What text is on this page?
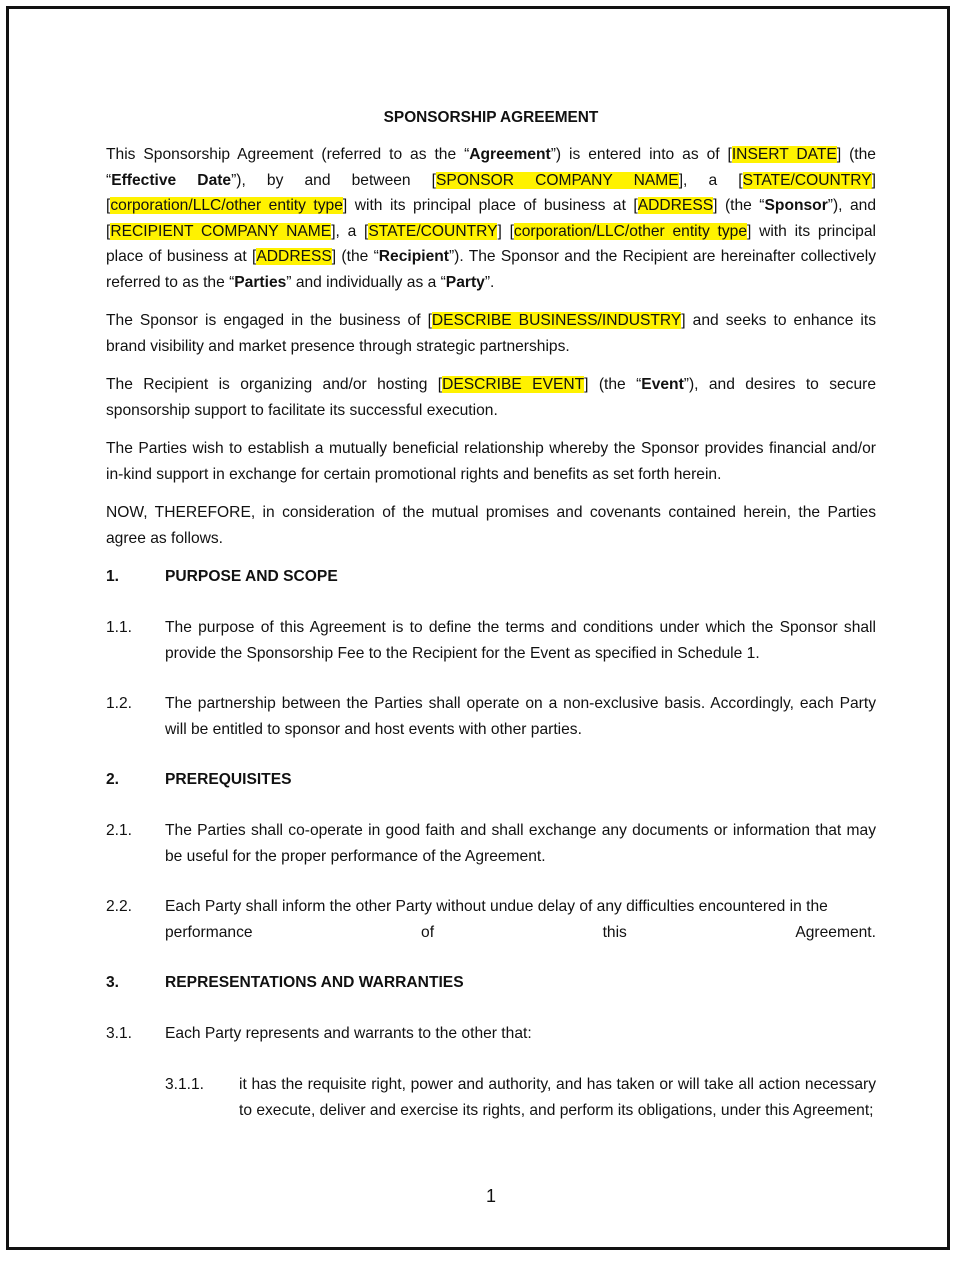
SPONSORSHIP AGREEMENT

This Sponsorship Agreement (referred to as the “Agreement”) is entered into as of [INSERT DATE] (the “Effective Date”), by and between [SPONSOR COMPANY NAME], a [STATE/COUNTRY] [corporation/LLC/other entity type] with its principal place of business at [ADDRESS] (the “Sponsor”), and [RECIPIENT COMPANY NAME], a [STATE/COUNTRY] [corporation/LLC/other entity type] with its principal place of business at [ADDRESS] (the “Recipient”). The Sponsor and the Recipient are hereinafter collectively referred to as the “Parties” and individually as a “Party”.

The Sponsor is engaged in the business of [DESCRIBE BUSINESS/INDUSTRY] and seeks to enhance its brand visibility and market presence through strategic partnerships.

The Recipient is organizing and/or hosting [DESCRIBE EVENT] (the “Event”), and desires to secure sponsorship support to facilitate its successful execution.

The Parties wish to establish a mutually beneficial relationship whereby the Sponsor provides financial and/or in-kind support in exchange for certain promotional rights and benefits as set forth herein.

NOW, THEREFORE, in consideration of the mutual promises and covenants contained herein, the Parties agree as follows.

1.	PURPOSE AND SCOPE
1.1. The purpose of this Agreement is to define the terms and conditions under which the Sponsor shall provide the Sponsorship Fee to the Recipient for the Event as specified in Schedule 1.

1.2. The partnership between the Parties shall operate on a non-exclusive basis. Accordingly, each Party will be entitled to sponsor and host events with other parties.

2.	PREREQUISITES
2.1. The Parties shall co-operate in good faith and shall exchange any documents or information that may be useful for the proper performance of the Agreement.

2.2. Each Party shall inform the other Party without undue delay of any difficulties encountered in the
performance	of	this	Agreement.
3.	REPRESENTATIONS AND WARRANTIES
3.1. Each Party represents and warrants to the other that:

3.1.1. it has the requisite right, power and authority, and has taken or will take all action necessary to execute, deliver and exercise its rights, and perform its obligations, under this Agreement;

1
